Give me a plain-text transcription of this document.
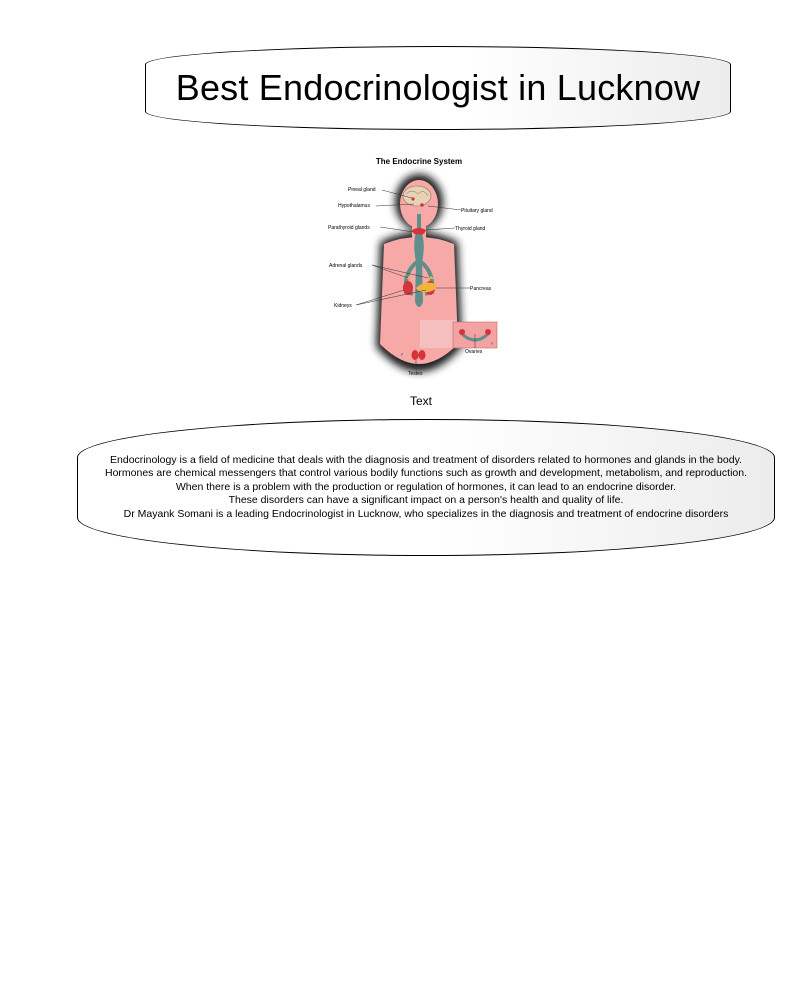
Best Endocrinologist in Lucknow
The Endocrine System
♂
♀
Pineal gland
Hypothalamus
Pituitary gland
Parathyroid glands	Thyroid gland
Adrenal glands
Pancreas
Kidneys
Ovaries
Testes
Text

Endocrinology is a field of medicine that deals with the diagnosis and treatment of disorders related to hormones and glands in the body.

Hormones are chemical messengers that control various bodily functions such as growth and development, metabolism, and reproduction.

When there is a problem with the production or regulation of hormones, it can lead to an endocrine disorder.

These disorders can have a significant impact on a person's health and quality of life.

Dr Mayank Somani is a leading Endocrinologist in Lucknow, who specializes in the diagnosis and treatment of endocrine disorders
